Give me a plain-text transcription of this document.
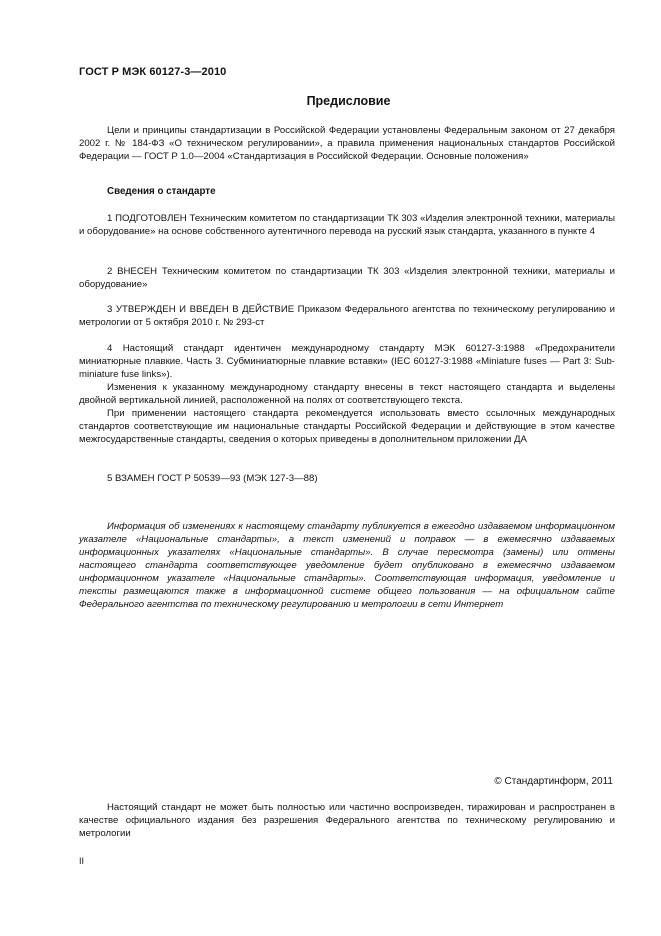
ГОСТ Р МЭК 60127-3—2010
Предисловие

Цели и принципы стандартизации в Российской Федерации установлены Федеральным законом от 27 декабря 2002 г. № 184-ФЗ «О техническом регулировании», а правила применения национальных стандартов Российской Федерации — ГОСТ Р 1.0—2004 «Стандартизация в Российской Федерации. Основные положения»

Сведения о стандарте

1 ПОДГОТОВЛЕН Техническим комитетом по стандартизации ТК 303 «Изделия электронной техники, материалы и оборудование» на основе собственного аутентичного перевода на русский язык стандарта, указанного в пункте 4

2 ВНЕСЕН Техническим комитетом по стандартизации ТК 303 «Изделия электронной техники, материалы и оборудование»

3 УТВЕРЖДЕН И ВВЕДЕН В ДЕЙСТВИЕ Приказом Федерального агентства по техническому регулированию и метрологии от 5 октября 2010 г. № 293-ст

4 Настоящий стандарт идентичен международному стандарту МЭК 60127-3:1988 «Предохранители миниатюрные плавкие. Часть 3. Субминиатюрные плавкие вставки» (IEC 60127-3:1988 «Miniature fuses — Part 3: Sub-miniature fuse links»).

Изменения к указанному международному стандарту внесены в текст настоящего стандарта и выделены двойной вертикальной линией, расположенной на полях от соответствующего текста.

При применении настоящего стандарта рекомендуется использовать вместо ссылочных международных стандартов соответствующие им национальные стандарты Российской Федерации и действующие в этом качестве межгосударственные стандарты, сведения о которых приведены в дополнительном приложении ДА

5 ВЗАМЕН ГОСТ Р 50539—93 (МЭК 127-3—88)

Информация об изменениях к настоящему стандарту публикуется в ежегодно издаваемом информационном указателе «Национальные стандарты», а текст изменений и поправок — в ежемесячно издаваемых информационных указателях «Национальные стандарты». В случае пересмотра (замены) или отмены настоящего стандарта соответствующее уведомление будет опубликовано в ежемесячно издаваемом информационном указателе «Национальные стандарты». Соответствующая информация, уведомление и тексты размещаются также в информационной системе общего пользования — на официальном сайте Федерального агентства по техническому регулированию и метрологии в сети Интернет

© Стандартинформ, 2011

Настоящий стандарт не может быть полностью или частично воспроизведен, тиражирован и распространен в качестве официального издания без разрешения Федерального агентства по техническому регулированию и метрологии

II
